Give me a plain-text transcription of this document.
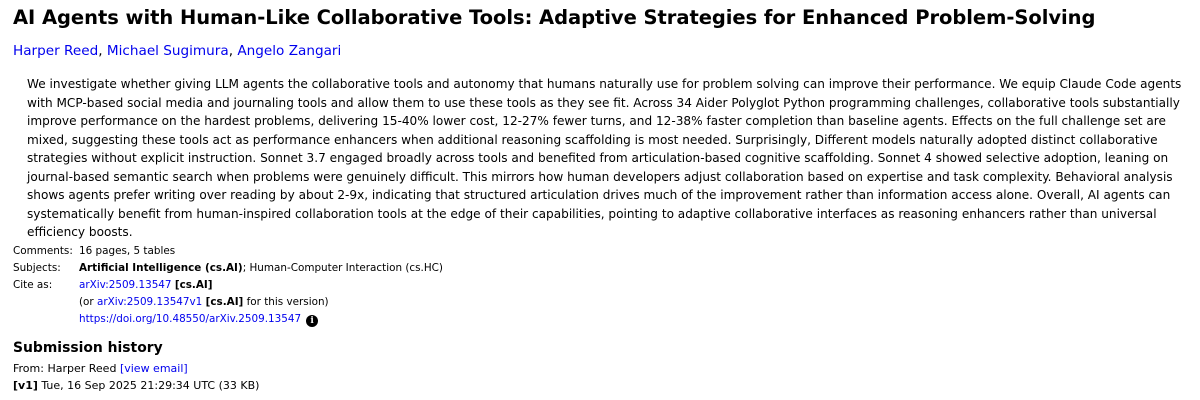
AI Agents with Human-Like Collaborative Tools: Adaptive Strategies for Enhanced Problem-Solving
Harper Reed, Michael Sugimura, Angelo Zangari

We investigate whether giving LLM agents the collaborative tools and autonomy that humans naturally use for problem solving can improve their performance. We equip Claude Code agents with MCP-based social media and journaling tools and allow them to use these tools as they see fit. Across 34 Aider Polyglot Python programming challenges, collaborative tools substantially improve performance on the hardest problems, delivering 15-40% lower cost, 12-27% fewer turns, and 12-38% faster completion than baseline agents. Effects on the full challenge set are mixed, suggesting these tools act as performance enhancers when additional reasoning scaffolding is most needed. Surprisingly, Different models naturally adopted distinct collaborative strategies without explicit instruction. Sonnet 3.7 engaged broadly across tools and benefited from articulation-based cognitive scaffolding. Sonnet 4 showed selective adoption, leaning on journal-based semantic search when problems were genuinely difficult. This mirrors how human developers adjust collaboration based on expertise and task complexity. Behavioral analysis shows agents prefer writing over reading by about 2-9x, indicating that structured articulation drives much of the improvement rather than information access alone. Overall, AI agents can systematically benefit from human-inspired collaboration tools at the edge of their capabilities, pointing to adaptive collaborative interfaces as reasoning enhancers rather than universal efficiency boosts.

Comments: 16 pages, 5 tables
Subjects:	Artificial Intelligence (cs.AI); Human-Computer Interaction (cs.HC)
Cite as:	arXiv:2509.13547 [cs.AI]
(or arXiv:2509.13547v1 [cs.AI] for this version)
https://doi.org/10.48550/arXiv.2509.13547 i
Submission history
From: Harper Reed [view email]
[v1] Tue, 16 Sep 2025 21:29:34 UTC (33 KB)
